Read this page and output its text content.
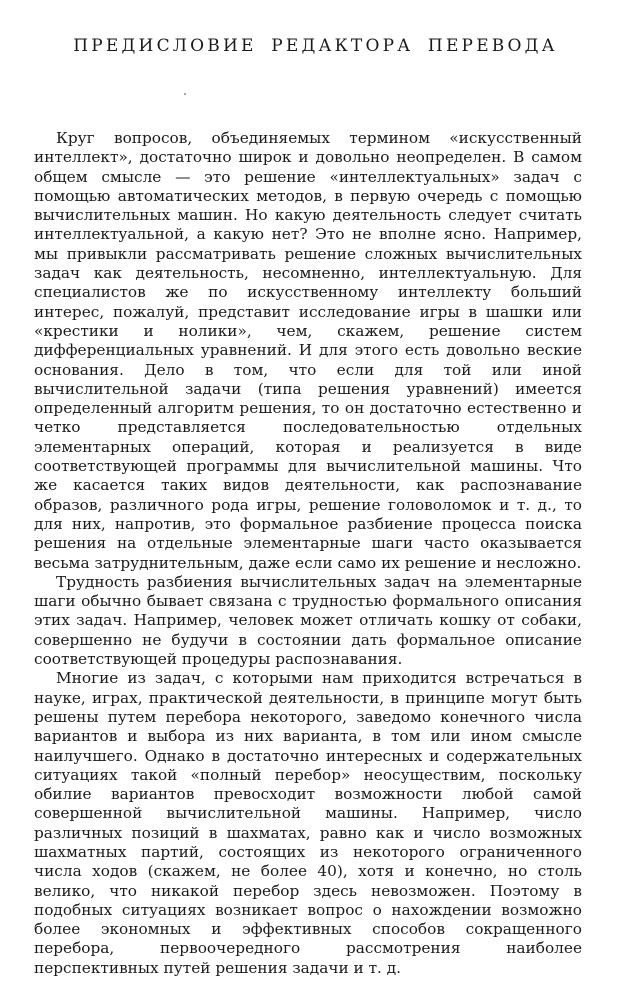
ПРЕДИСЛОВИЕ РЕДАКТОРА ПЕРЕВОДА

Круг вопросов, объединяемых термином «искусственный интеллект», достаточно широк и довольно неопределен. В самом общем смысле — это решение «интеллектуальных» задач с помощью автоматических методов, в первую очередь с помощью вычислительных машин. Но какую деятельность следует считать интеллектуальной, а какую нет? Это не вполне ясно. Например, мы привыкли рассматривать решение сложных вычислительных задач как деятельность, несомненно, интеллектуальную. Для специалистов же по искусственному интеллекту больший интерес, пожалуй, представит исследование игры в шашки или «крестики и нолики», чем, скажем, решение систем дифференциальных уравнений. И для этого есть довольно веские основания. Дело в том, что если для той или иной вычислительной задачи (типа решения уравнений) имеется определенный алгоритм решения, то он достаточно естественно и четко представляется последовательностью отдельных элементарных операций, которая и реализуется в виде соответствующей программы для вычислительной машины. Что же касается таких видов деятельности, как распознавание образов, различного рода игры, решение головоломок и т. д., то для них, напротив, это формальное разбиение процесса поиска решения на отдельные элементарные шаги часто оказывается весьма затруднительным, даже если само их решение и несложно.

Трудность разбиения вычислительных задач на элементарные шаги обычно бывает связана с трудностью формального описания этих задач. Например, человек может отличать кошку от собаки, совершенно не будучи в состоянии дать формальное описание соответствующей процедуры распознавания.

Многие из задач, с которыми нам приходится встречаться в науке, играх, практической деятельности, в принципе могут быть решены путем перебора некоторого, заведомо конечного числа вариантов и выбора из них варианта, в том или ином смысле наилучшего. Однако в достаточно интересных и содержательных ситуациях такой «полный перебор» неосуществим, поскольку обилие вариантов превосходит возможности любой самой совершенной вычислительной машины. Например, число различных позиций в шахматах, равно как и число возможных шахматных партий, состоящих из некоторого ограниченного числа ходов (скажем, не более 40), хотя и конечно, но столь велико, что никакой перебор здесь невозможен. Поэтому в подобных ситуациях возникает вопрос о нахождении возможно более экономных и эффективных способов сокращенного перебора, первоочередного рассмотрения наиболее перспективных путей решения задачи и т. д.
